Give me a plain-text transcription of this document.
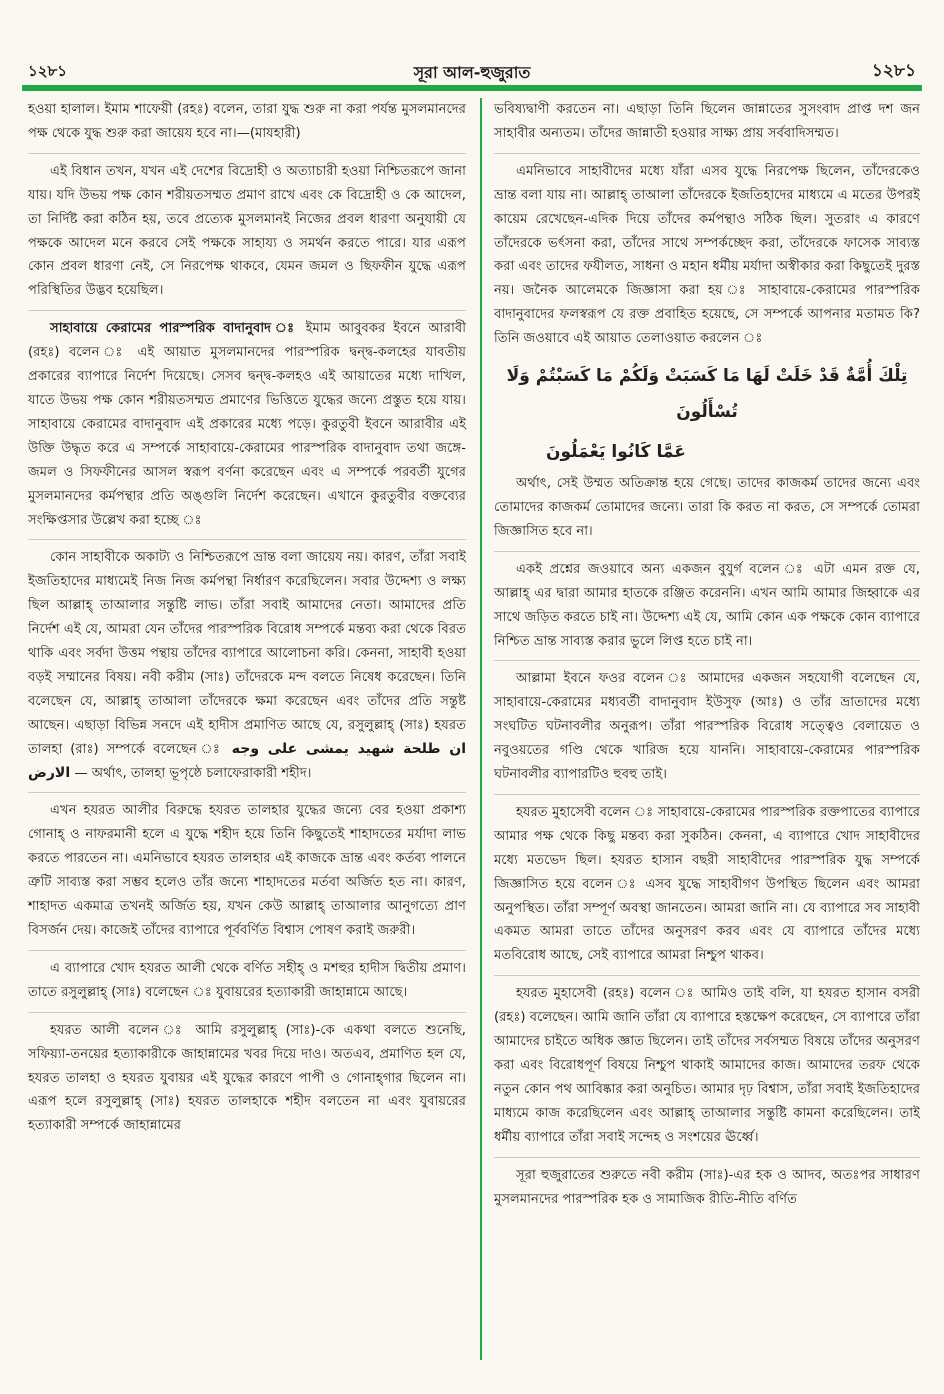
১২৮১	সূরা আল-হুজুরাত	১২৮১

হওয়া হালাল। ইমাম শাফেয়ী (রহঃ) বলেন, তারা যুদ্ধ শুরু না করা পর্যন্ত মুসলমানদের পক্ষ থেকে যুদ্ধ শুরু করা জায়েয হবে না।—(মাযহারী)

এই বিধান তখন, যখন এই দেশের বিদ্রোহী ও অত্যাচারী হওয়া নিশ্চিতরূপে জানা যায়। যদি উভয় পক্ষ কোন শরীয়তসম্মত প্রমাণ রাখে এবং কে বিদ্রোহী ও কে আদেল, তা নির্দিষ্ট করা কঠিন হয়, তবে প্রত্যেক মুসলমানই নিজের প্রবল ধারণা অনুযায়ী যে পক্ষকে আদেল মনে করবে সেই পক্ষকে সাহায্য ও সমর্থন করতে পারে। যার এরূপ কোন প্রবল ধারণা নেই, সে নিরপেক্ষ থাকবে, যেমন জমল ও ছিফফীন যুদ্ধে এরূপ পরিস্থিতির উদ্ভব হয়েছিল।

সাহাবায়ে কেরামের পারস্পরিক বাদানুবাদ ঃ ইমাম আবুবকর ইবনে আরাবী (রহঃ) বলেন ঃ এই আয়াত মুসলমানদের পারস্পরিক দ্বন্দ্ব-কলহের যাবতীয় প্রকারের ব্যাপারে নির্দেশ দিয়েছে। সেসব দ্বন্দ্ব-কলহও এই আয়াতের মধ্যে দাখিল, যাতে উভয় পক্ষ কোন শরীয়তসম্মত প্রমাণের ভিত্তিতে যুদ্ধের জন্যে প্রস্তুত হয়ে যায়। সাহাবায়ে কেরামের বাদানুবাদ এই প্রকারের মধ্যে পড়ে। কুরতুবী ইবনে আরাবীর এই উক্তি উদ্ধৃত করে এ সম্পর্কে সাহাবায়ে-কেরামের পারস্পরিক বাদানুবাদ তথা জঙ্গে-জমল ও সিফফীনের আসল স্বরূপ বর্ণনা করেছেন এবং এ সম্পর্কে পরবর্তী যুগের মুসলমানদের কর্মপন্থার প্রতি অঙ্গুলি নির্দেশ করেছেন। এখানে কুরতুবীর বক্তব্যের সংক্ষিপ্তসার উল্লেখ করা হচ্ছে ঃ

কোন সাহাবীকে অকাট্য ও নিশ্চিতরূপে ভ্রান্ত বলা জায়েয নয়। কারণ, তাঁরা সবাই ইজতিহাদের মাধ্যমেই নিজ নিজ কর্মপন্থা নির্ধারণ করেছিলেন। সবার উদ্দেশ্য ও লক্ষ্য ছিল আল্লাহ্ তাআলার সন্তুষ্টি লাভ। তাঁরা সবাই আমাদের নেতা। আমাদের প্রতি নির্দেশ এই যে, আমরা যেন তাঁদের পারস্পরিক বিরোধ সম্পর্কে মন্তব্য করা থেকে বিরত থাকি এবং সর্বদা উত্তম পন্থায় তাঁদের ব্যাপারে আলোচনা করি। কেননা, সাহাবী হওয়া বড়ই সম্মানের বিষয়। নবী করীম (সাঃ) তাঁদেরকে মন্দ বলতে নিষেধ করেছেন। তিনি বলেছেন যে, আল্লাহ্ তাআলা তাঁদেরকে ক্ষমা করেছেন এবং তাঁদের প্রতি সন্তুষ্ট আছেন। এছাড়া বিভিন্ন সনদে এই হাদীস প্রমাণিত আছে যে, রসুলুল্লাহ্ (সাঃ) হযরত তালহা (রাঃ) সম্পর্কে বলেছেন ঃ ان طلحة شهيد يمشى على وجه الارض — অর্থাৎ, তালহা ভূপৃষ্ঠে চলাফেরাকারী শহীদ।

এখন হযরত আলীর বিরুদ্ধে হযরত তালহার যুদ্ধের জন্যে বের হওয়া প্রকাশ্য গোনাহ্ ও নাফরমানী হলে এ যুদ্ধে শহীদ হয়ে তিনি কিছুতেই শাহাদতের মর্যাদা লাভ করতে পারতেন না। এমনিভাবে হযরত তালহার এই কাজকে ভ্রান্ত এবং কর্তব্য পালনে ত্রুটি সাব্যস্ত করা সম্ভব হলেও তাঁর জন্যে শাহাদতের মর্তবা অর্জিত হত না। কারণ, শাহাদত একমাত্র তখনই অর্জিত হয়, যখন কেউ আল্লাহ্ তাআলার আনুগত্যে প্রাণ বিসর্জন দেয়। কাজেই তাঁদের ব্যাপারে পূর্ববর্ণিত বিশ্বাস পোষণ করাই জরুরী।

এ ব্যাপারে খোদ হযরত আলী থেকে বর্ণিত সহীহ্ ও মশহুর হাদীস দ্বিতীয় প্রমাণ। তাতে রসুলুল্লাহ্ (সাঃ) বলেছেন ঃ যুবায়রের হত্যাকারী জাহান্নামে আছে।

হযরত আলী বলেন ঃ আমি রসুলুল্লাহ্ (সাঃ)-কে একথা বলতে শুনেছি, সফিয়্যা-তনয়ের হত্যাকারীকে জাহান্নামের খবর দিয়ে দাও। অতএব, প্রমাণিত হল যে, হযরত তালহা ও হযরত যুবায়র এই যুদ্ধের কারণে পাপী ও গোনাহ্গার ছিলেন না। এরূপ হলে রসুলুল্লাহ্ (সাঃ) হযরত তালহাকে শহীদ বলতেন না এবং যুবায়রের হত্যাকারী সম্পর্কে জাহান্নামের

ভবিষ্যদ্বাণী করতেন না। এছাড়া তিনি ছিলেন জান্নাতের সুসংবাদ প্রাপ্ত দশ জন সাহাবীর অন্যতম। তাঁদের জান্নাতী হওয়ার সাক্ষ্য প্রায় সর্ববাদিসম্মত।

এমনিভাবে সাহাবীদের মধ্যে যাঁরা এসব যুদ্ধে নিরপেক্ষ ছিলেন, তাঁদেরকেও ভ্রান্ত বলা যায় না। আল্লাহ্ তাআলা তাঁদেরকে ইজতিহাদের মাধ্যমে এ মতের উপরই কায়েম রেখেছেন-এদিক দিয়ে তাঁদের কর্মপন্থাও সঠিক ছিল। সুতরাং এ কারণে তাঁদেরকে ভর্ৎসনা করা, তাঁদের সাথে সম্পর্কচ্ছেদ করা, তাঁদেরকে ফাসেক সাব্যস্ত করা এবং তাদের ফযীলত, সাধনা ও মহান ধর্মীয় মর্যাদা অস্বীকার করা কিছুতেই দুরস্ত নয়। জনৈক আলেমকে জিজ্ঞাসা করা হয় ঃ সাহাবায়ে-কেরামের পারস্পরিক বাদানুবাদের ফলস্বরূপ যে রক্ত প্রবাহিত হয়েছে, সে সম্পর্কে আপনার মতামত কি? তিনি জওয়াবে এই আয়াত তেলাওয়াত করলেন ঃ

تِلْكَ أُمَّةٌ قَدْ خَلَتْ لَهَا مَا كَسَبَتْ وَلَكُمْ مَا كَسَبْتُمْ وَلَا تُسْأَلُونَ
عَمَّا كَانُوا يَعْمَلُونَ

অর্থাৎ, সেই উম্মত অতিক্রান্ত হয়ে গেছে। তাদের কাজকর্ম তাদের জন্যে এবং তোমাদের কাজকর্ম তোমাদের জন্যে। তারা কি করত না করত, সে সম্পর্কে তোমরা জিজ্ঞাসিত হবে না।

একই প্রশ্নের জওয়াবে অন্য একজন বুযুর্গ বলেন ঃ এটা এমন রক্ত যে, আল্লাহ্ এর দ্বারা আমার হাতকে রঞ্জিত করেননি। এখন আমি আমার জিহ্বাকে এর সাথে জড়িত করতে চাই না। উদ্দেশ্য এই যে, আমি কোন এক পক্ষকে কোন ব্যাপারে নিশ্চিত ভ্রান্ত সাব্যস্ত করার ভুলে লিপ্ত হতে চাই না।

আল্লামা ইবনে ফওর বলেন ঃ আমাদের একজন সহযোগী বলেছেন যে, সাহাবায়ে-কেরামের মধ্যবর্তী বাদানুবাদ ইউসুফ (আঃ) ও তাঁর ভ্রাতাদের মধ্যে সংঘটিত ঘটনাবলীর অনুরূপ। তাঁরা পারস্পরিক বিরোধ সত্ত্বেও বেলায়েত ও নবুওয়তের গণ্ডি থেকে খারিজ হয়ে যাননি। সাহাবায়ে-কেরামের পারস্পরিক ঘটনাবলীর ব্যাপারটিও হুবহু তাই।

হযরত মুহাসেবী বলেন ঃ সাহাবায়ে-কেরামের পারস্পরিক রক্তপাতের ব্যাপারে আমার পক্ষ থেকে কিছু মন্তব্য করা সুকঠিন। কেননা, এ ব্যাপারে খোদ সাহাবীদের মধ্যে মতভেদ ছিল। হযরত হাসান বছরী সাহাবীদের পারস্পরিক যুদ্ধ সম্পর্কে জিজ্ঞাসিত হয়ে বলেন ঃ এসব যুদ্ধে সাহাবীগণ উপস্থিত ছিলেন এবং আমরা অনুপস্থিত। তাঁরা সম্পূর্ণ অবস্থা জানতেন। আমরা জানি না। যে ব্যাপারে সব সাহাবী একমত আমরা তাতে তাঁদের অনুসরণ করব এবং যে ব্যাপারে তাঁদের মধ্যে মতবিরোধ আছে, সেই ব্যাপারে আমরা নিশ্চুপ থাকব।

হযরত মুহাসেবী (রহঃ) বলেন ঃ আমিও তাই বলি, যা হযরত হাসান বসরী (রহঃ) বলেছেন। আমি জানি তাঁরা যে ব্যাপারে হস্তক্ষেপ করেছেন, সে ব্যাপারে তাঁরা আমাদের চাইতে অধিক জ্ঞাত ছিলেন। তাই তাঁদের সর্বসম্মত বিষয়ে তাঁদের অনুসরণ করা এবং বিরোধপূর্ণ বিষয়ে নিশ্চুপ থাকাই আমাদের কাজ। আমাদের তরফ থেকে নতুন কোন পথ আবিষ্কার করা অনুচিত। আমার দৃঢ় বিশ্বাস, তাঁরা সবাই ইজতিহাদের মাধ্যমে কাজ করেছিলেন এবং আল্লাহ্ তাআলার সন্তুষ্টি কামনা করেছিলেন। তাই ধর্মীয় ব্যাপারে তাঁরা সবাই সন্দেহ ও সংশয়ের ঊর্ধ্বে।

সূরা হুজুরাতের শুরুতে নবী করীম (সাঃ)-এর হক ও আদব, অতঃপর সাধারণ মুসলমানদের পারস্পরিক হক ও সামাজিক রীতি-নীতি বর্ণিত
